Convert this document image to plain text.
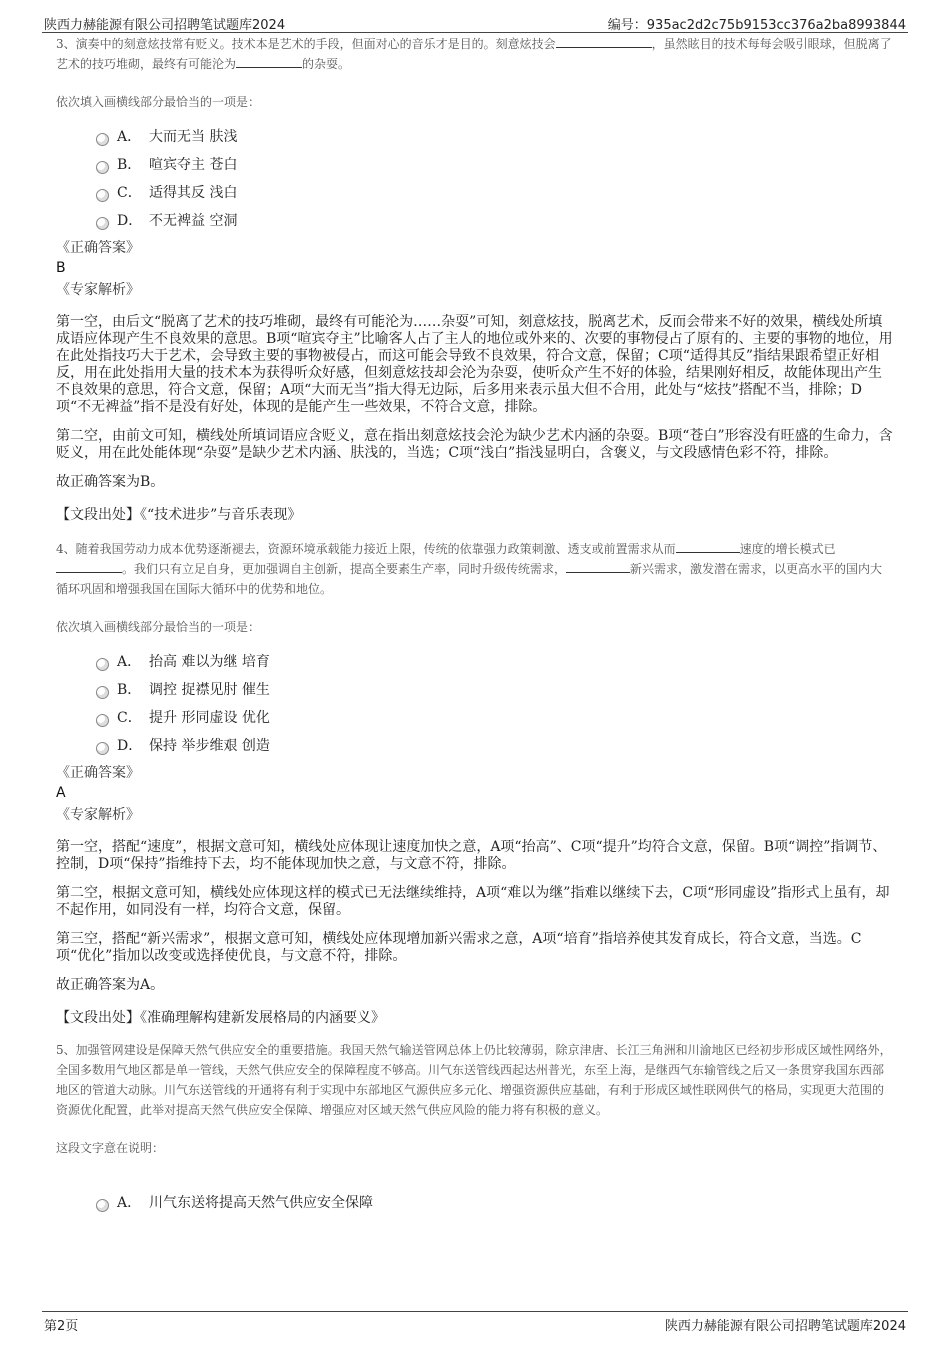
陕西力赫能源有限公司招聘笔试题库2024	编号：935ac2d2c75b9153cc376a2ba8993844

3、演奏中的刻意炫技常有贬义。技术本是艺术的手段，但面对心的音乐才是目的。刻意炫技会	，虽然眩目的技术每每会吸引眼球，但脱离了艺术的技巧堆砌，最终有可能沦为	的杂耍。

依次填入画横线部分最恰当的一项是：

A． 大而无当 肤浅
B． 喧宾夺主 苍白
C． 适得其反 浅白
D． 不无裨益 空洞

《正确答案》

B

《专家解析》

第一空，由后文“脱离了艺术的技巧堆砌，最终有可能沦为……杂耍”可知，刻意炫技，脱离艺术，反而会带来不好的效果，横线处所填成语应体现产生不良效果的意思。B项“喧宾夺主”比喻客人占了主人的地位或外来的、次要的事物侵占了原有的、主要的事物的地位，用在此处指技巧大于艺术，会导致主要的事物被侵占，而这可能会导致不良效果，符合文意，保留；C项“适得其反”指结果跟希望正好相反，用在此处指用大量的技术本为获得听众好感，但刻意炫技却会沦为杂耍，使听众产生不好的体验，结果刚好相反，故能体现出产生不良效果的意思，符合文意，保留；A项“大而无当”指大得无边际，后多用来表示虽大但不合用，此处与“炫技”搭配不当，排除；D项“不无裨益”指不是没有好处，体现的是能产生一些效果，不符合文意，排除。

第二空，由前文可知，横线处所填词语应含贬义，意在指出刻意炫技会沦为缺少艺术内涵的杂耍。B项“苍白”形容没有旺盛的生命力，含贬义，用在此处能体现“杂耍”是缺少艺术内涵、肤浅的，当选；C项“浅白”指浅显明白，含褒义，与文段感情色彩不符，排除。

故正确答案为B。

【文段出处】《“技术进步”与音乐表现》

4、随着我国劳动力成本优势逐渐褪去，资源环境承载能力接近上限，传统的依靠强力政策刺激、透支或前置需求从而	速度的增长模式已。我们只有立足自身，更加强调自主创新，提高全要素生产率，同时升级传统需求，	新兴需求，激发潜在需求，以更高水平的国内大循环巩固和增强我国在国际大循环中的优势和地位。

依次填入画横线部分最恰当的一项是：

A． 抬高 难以为继 培育
B． 调控 捉襟见肘 催生
C． 提升 形同虚设 优化
D． 保持 举步维艰 创造

《正确答案》

A

《专家解析》

第一空，搭配“速度”，根据文意可知，横线处应体现让速度加快之意，A项“抬高”、C项“提升”均符合文意，保留。B项“调控”指调节、控制，D项“保持”指维持下去，均不能体现加快之意，与文意不符，排除。

第二空，根据文意可知，横线处应体现这样的模式已无法继续维持，A项“难以为继”指难以继续下去，C项“形同虚设”指形式上虽有，却不起作用，如同没有一样，均符合文意，保留。

第三空，搭配“新兴需求”，根据文意可知，横线处应体现增加新兴需求之意，A项“培育”指培养使其发育成长，符合文意，当选。C项“优化”指加以改变或选择使优良，与文意不符，排除。

故正确答案为A。

【文段出处】《准确理解构建新发展格局的内涵要义》

5、加强管网建设是保障天然气供应安全的重要措施。我国天然气输送管网总体上仍比较薄弱，除京津唐、长江三角洲和川渝地区已经初步形成区域性网络外，全国多数用气地区都是单一管线，天然气供应安全的保障程度不够高。川气东送管线西起达州普光，东至上海，是继西气东输管线之后又一条贯穿我国东西部地区的管道大动脉。川气东送管线的开通将有利于实现中东部地区气源供应多元化、增强资源供应基础，有利于形成区域性联网供气的格局，实现更大范围的资源优化配置，此举对提高天然气供应安全保障、增强应对区域天然气供应风险的能力将有积极的意义。

这段文字意在说明：

A． 川气东送将提高天然气供应安全保障
第2页	陕西力赫能源有限公司招聘笔试题库2024
